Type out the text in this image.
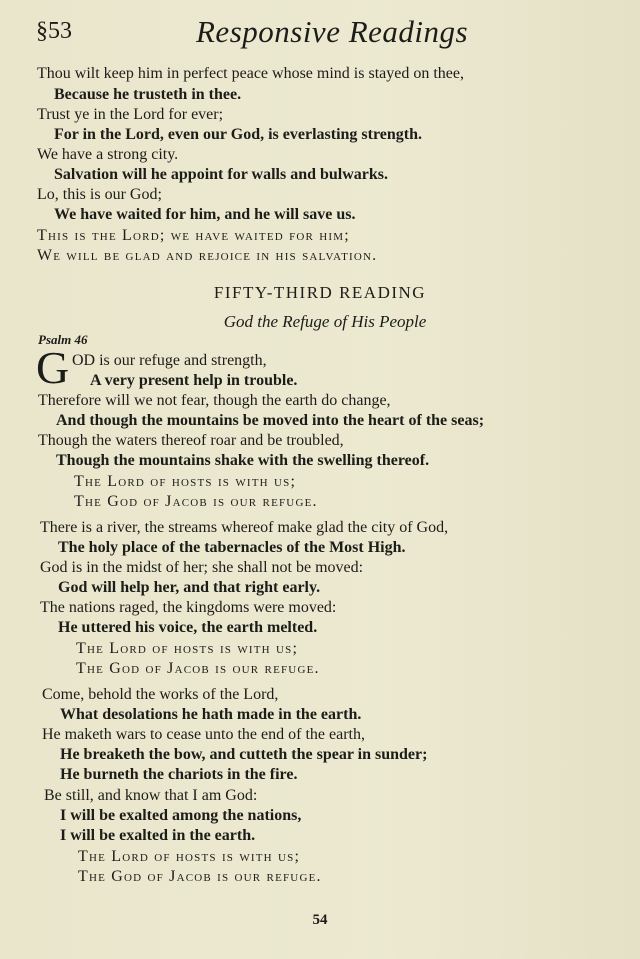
§53	Responsive Readings
Thou wilt keep him in perfect peace whose mind is stayed on thee,
Because he trusteth in thee.
Trust ye in the Lord for ever;
For in the Lord, even our God, is everlasting strength.
We have a strong city.
Salvation will he appoint for walls and bulwarks.
Lo, this is our God;
We have waited for him, and he will save us.
This is the Lord; we have waited for him;
We will be glad and rejoice in his salvation.
FIFTY-THIRD READING
God the Refuge of His People
Psalm 46
G OD is our refuge and strength,
A very present help in trouble.
Therefore will we not fear, though the earth do change,
And though the mountains be moved into the heart of the seas;
Though the waters thereof roar and be troubled,
Though the mountains shake with the swelling thereof.
The Lord of hosts is with us;
The God of Jacob is our refuge.
There is a river, the streams whereof make glad the city of God,
The holy place of the tabernacles of the Most High.
God is in the midst of her; she shall not be moved:
God will help her, and that right early.
The nations raged, the kingdoms were moved:
He uttered his voice, the earth melted.
The Lord of hosts is with us;
The God of Jacob is our refuge.
Come, behold the works of the Lord,
What desolations he hath made in the earth.
He maketh wars to cease unto the end of the earth,
He breaketh the bow, and cutteth the spear in sunder;
He burneth the chariots in the fire.
Be still, and know that I am God:
I will be exalted among the nations,
I will be exalted in the earth.
The Lord of hosts is with us;
The God of Jacob is our refuge.
54
